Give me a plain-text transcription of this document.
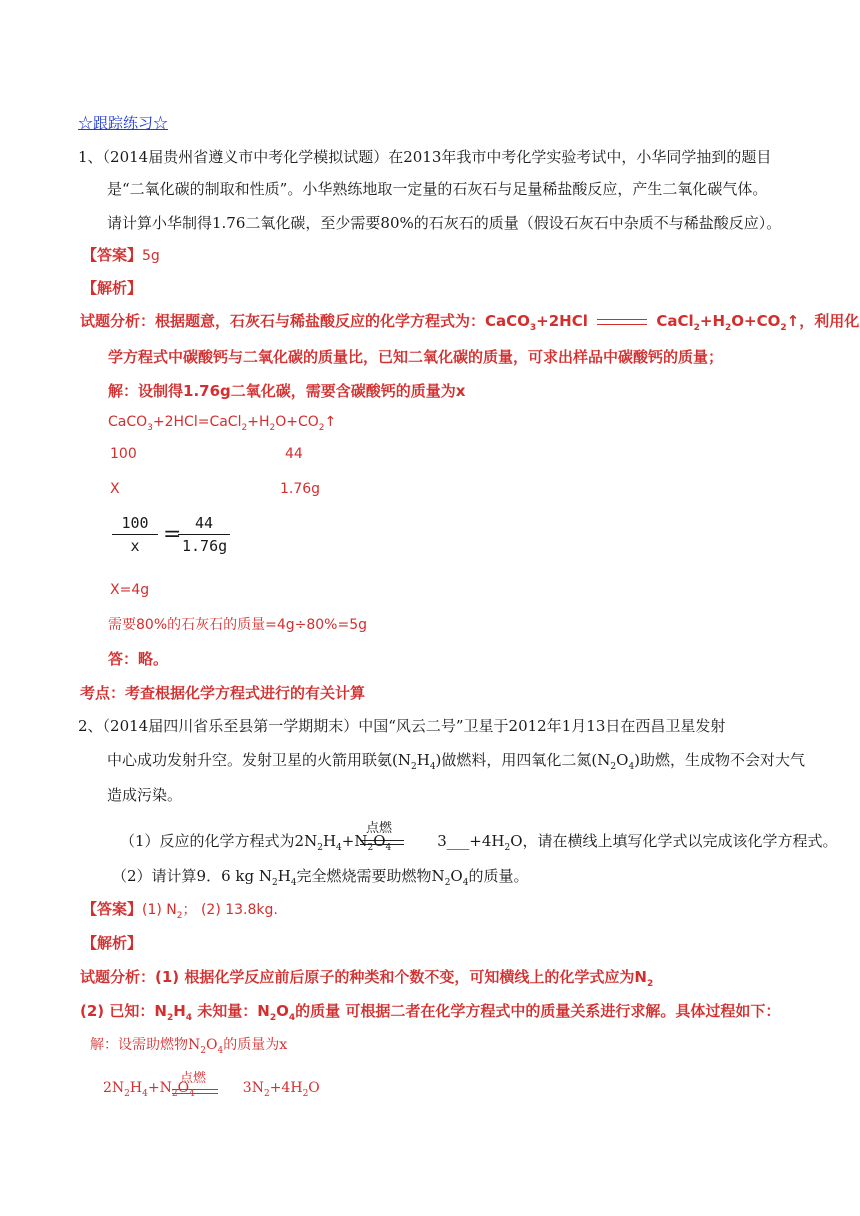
☆跟踪练习☆
1、（2014届贵州省遵义市中考化学模拟试题）在2013年我市中考化学实验考试中，小华同学抽到的题目
是“二氧化碳的制取和性质”。小华熟练地取一定量的石灰石与足量稀盐酸反应，产生二氧化碳气体。
请计算小华制得1.76二氧化碳，至少需要80%的石灰石的质量（假设石灰石中杂质不与稀盐酸反应）。
【答案】5g
【解析】
试题分析：根据题意，石灰石与稀盐酸反应的化学方程式为：CaCO$_3$+2HCl	$CaCl_2+H_2O+CO_2↑$，利用化
学方程式中碳酸钙与二氧化碳的质量比，已知二氧化碳的质量，可求出样品中碳酸钙的质量；
解：设制得1.76g二氧化碳，需要含碳酸钙的质量为x
$CaCO_3+2HCl=CaCl_2+H_2O+CO_2↑$
100	44
X	1.76g
100
x	= 44
1.76g
X=4g
需要80%的石灰石的质量=4g÷80%=5g
答：略。
考点：考查根据化学方程式进行的有关计算
2、（2014届四川省乐至县第一学期期末）中国“风云二号”卫星于2012年1月13日在西昌卫星发射
中心成功发射升空。发射卫星的火箭用联氨$(N_2H_4)$做燃料，用四氧化二氮$(N_2O_4)$助燃，生成物不会对大气
造成污染。
点燃
（1）反应的化学方程式为$2N_2H_4+N_2O_4$	$3\_\_\_+4H_2O$，请在横线上填写化学式以完成该化学方程式。
（2）请计算9．6 kg $N_2H_4$完全燃烧需要助燃物$N_2O_4$的质量。
【答案】(1) $N_2$； (2) 13.8kg.
【解析】
试题分析：(1) 根据化学反应前后原子的种类和个数不变，可知横线上的化学式应为$N_2$
(2) 已知：$N_2H_4$ 未知量：$N_2O_4$的质量 可根据二者在化学方程式中的质量关系进行求解。具体过程如下：
解：设需助燃物$N_2O_4$的质量为x
点燃
$2N_2H_4+N_2O_4$	$3N_2+4H_2O$
